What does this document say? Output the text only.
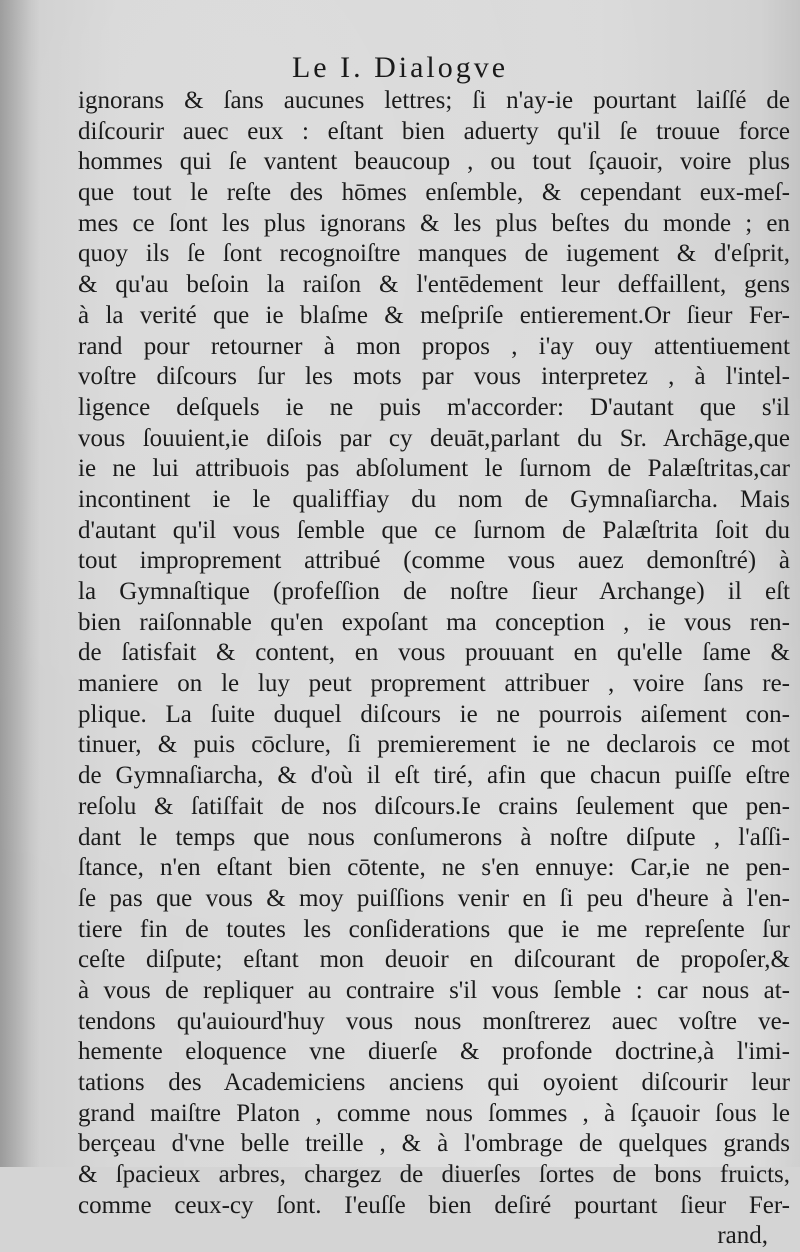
Le I. Dialogve
ignorans & ſans aucunes lettres; ſi n'ay-ie pourtant laiſſé de
diſcourir auec eux : eſtant bien aduerty qu'il ſe trouue force
hommes qui ſe vantent beaucoup , ou tout ſçauoir, voire plus
que tout le reſte des hōmes enſemble, & cependant eux-meſ-
mes ce ſont les plus ignorans & les plus beſtes du monde ; en
quoy ils ſe ſont recognoiſtre manques de iugement & d'eſprit,
& qu'au beſoin la raiſon & l'entēdement leur deffaillent, gens
à la verité que ie blaſme & meſpriſe entierement.Or ſieur Fer-
rand pour retourner à mon propos , i'ay ouy attentiuement
voſtre diſcours ſur les mots par vous interpretez , à l'intel-
ligence deſquels ie ne puis m'accorder: D'autant que s'il
vous ſouuient,ie diſois par cy deuāt,parlant du Sr. Archāge,que
ie ne lui attribuois pas abſolument le ſurnom de Palæſtritas,car
incontinent ie le qualiffiay du nom de Gymnaſiarcha. Mais
d'autant qu'il vous ſemble que ce ſurnom de Palæſtrita ſoit du
tout improprement attribué (comme vous auez demonſtré) à
la Gymnaſtique (profeſſion de noſtre ſieur Archange) il eſt
bien raiſonnable qu'en expoſant ma conception , ie vous ren-
de ſatisfait & content, en vous prouuant en qu'elle ſame &
maniere on le luy peut proprement attribuer , voire ſans re-
plique. La ſuite duquel diſcours ie ne pourrois aiſement con-
tinuer, & puis cōclure, ſi premierement ie ne declarois ce mot
de Gymnaſiarcha, & d'où il eſt tiré, afin que chacun puiſſe eſtre
reſolu & ſatiſfait de nos diſcours.Ie crains ſeulement que pen-
dant le temps que nous conſumerons à noſtre diſpute , l'aſſi-
ſtance, n'en eſtant bien cōtente, ne s'en ennuye: Car,ie ne pen-
ſe pas que vous & moy puiſſions venir en ſi peu d'heure à l'en-
tiere fin de toutes les conſiderations que ie me repreſente ſur
ceſte diſpute; eſtant mon deuoir en diſcourant de propoſer,&
à vous de repliquer au contraire s'il vous ſemble : car nous at-
tendons qu'auiourd'huy vous nous monſtrerez auec voſtre ve-
hemente eloquence vne diuerſe & profonde doctrine,à l'imi-
tations des Academiciens anciens qui oyoient diſcourir leur
grand maiſtre Platon , comme nous ſommes , à ſçauoir ſous le
berçeau d'vne belle treille , & à l'ombrage de quelques grands
& ſpacieux arbres, chargez de diuerſes ſortes de bons fruicts,
comme ceux-cy ſont. I'euſſe bien deſiré pourtant ſieur Fer-
rand,
